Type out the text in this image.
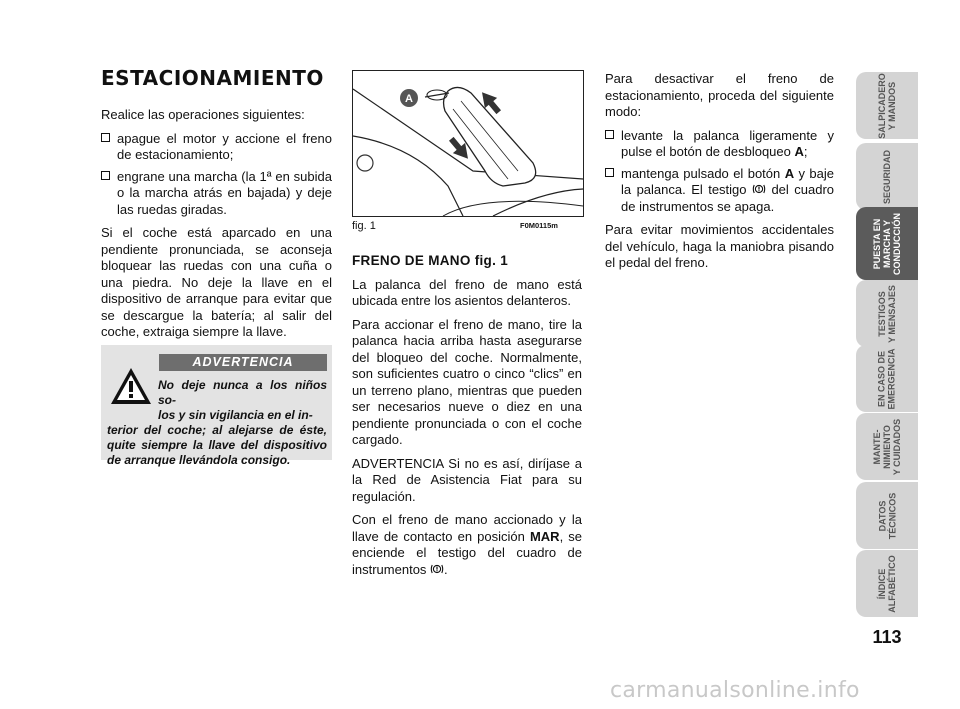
ESTACIONAMIENTO

Realice las operaciones siguientes:

apague el motor y accione el freno de estacionamiento;
engrane una marcha (la 1ª en subida o la marcha atrás en bajada) y deje las ruedas giradas.

Si el coche está aparcado en una pendiente pronunciada, se aconseja bloquear las ruedas con una cuña o una piedra. No deje la llave en el dispositivo de arranque para evitar que se descargue la batería; al salir del coche, extraiga siempre la llave.

ADVERTENCIA
No deje nunca a los niños so-
los y sin vigilancia en el in-
terior del coche; al alejarse de éste, quite siempre la llave del dispositivo de arranque llevándola consigo.
A
fig. 1	F0M0115m

FRENO DE MANO fig. 1

La palanca del freno de mano está ubicada entre los asientos delanteros.

Para accionar el freno de mano, tire la palanca hacia arriba hasta asegurarse del bloqueo del coche. Normalmente, son suficientes cuatro o cinco “clics” en un terreno plano, mientras que pueden ser necesarios nueve o diez en una pendiente pronunciada o con el coche cargado.

ADVERTENCIA Si no es así, diríjase a la Red de Asistencia Fiat para su regulación.

Con el freno de mano accionado y la llave de contacto en posición MAR, se enciende el testigo del cuadro de instrumentos .

Para desactivar el freno de estacionamiento, proceda del siguiente modo:

levante la palanca ligeramente y pulse el botón de desbloqueo A;
mantenga pulsado el botón A y baje la palanca. El testigo  del cuadro de instrumentos se apaga.

Para evitar movimientos accidentales del vehículo, haga la maniobra pisando el pedal del freno.

SALPICADERO
Y MANDOS
SEGURIDAD
PUESTA EN
MARCHA Y
CONDUCCIÓN
TESTIGOS
Y MENSAJES
EN CASO DE
EMERGENCIA
MANTE-
NIMIENTO
Y CUIDADOS
DATOS
TÉCNICOS
ÍNDICE
ALFABÉTICO
113
carmanualsonline.info
